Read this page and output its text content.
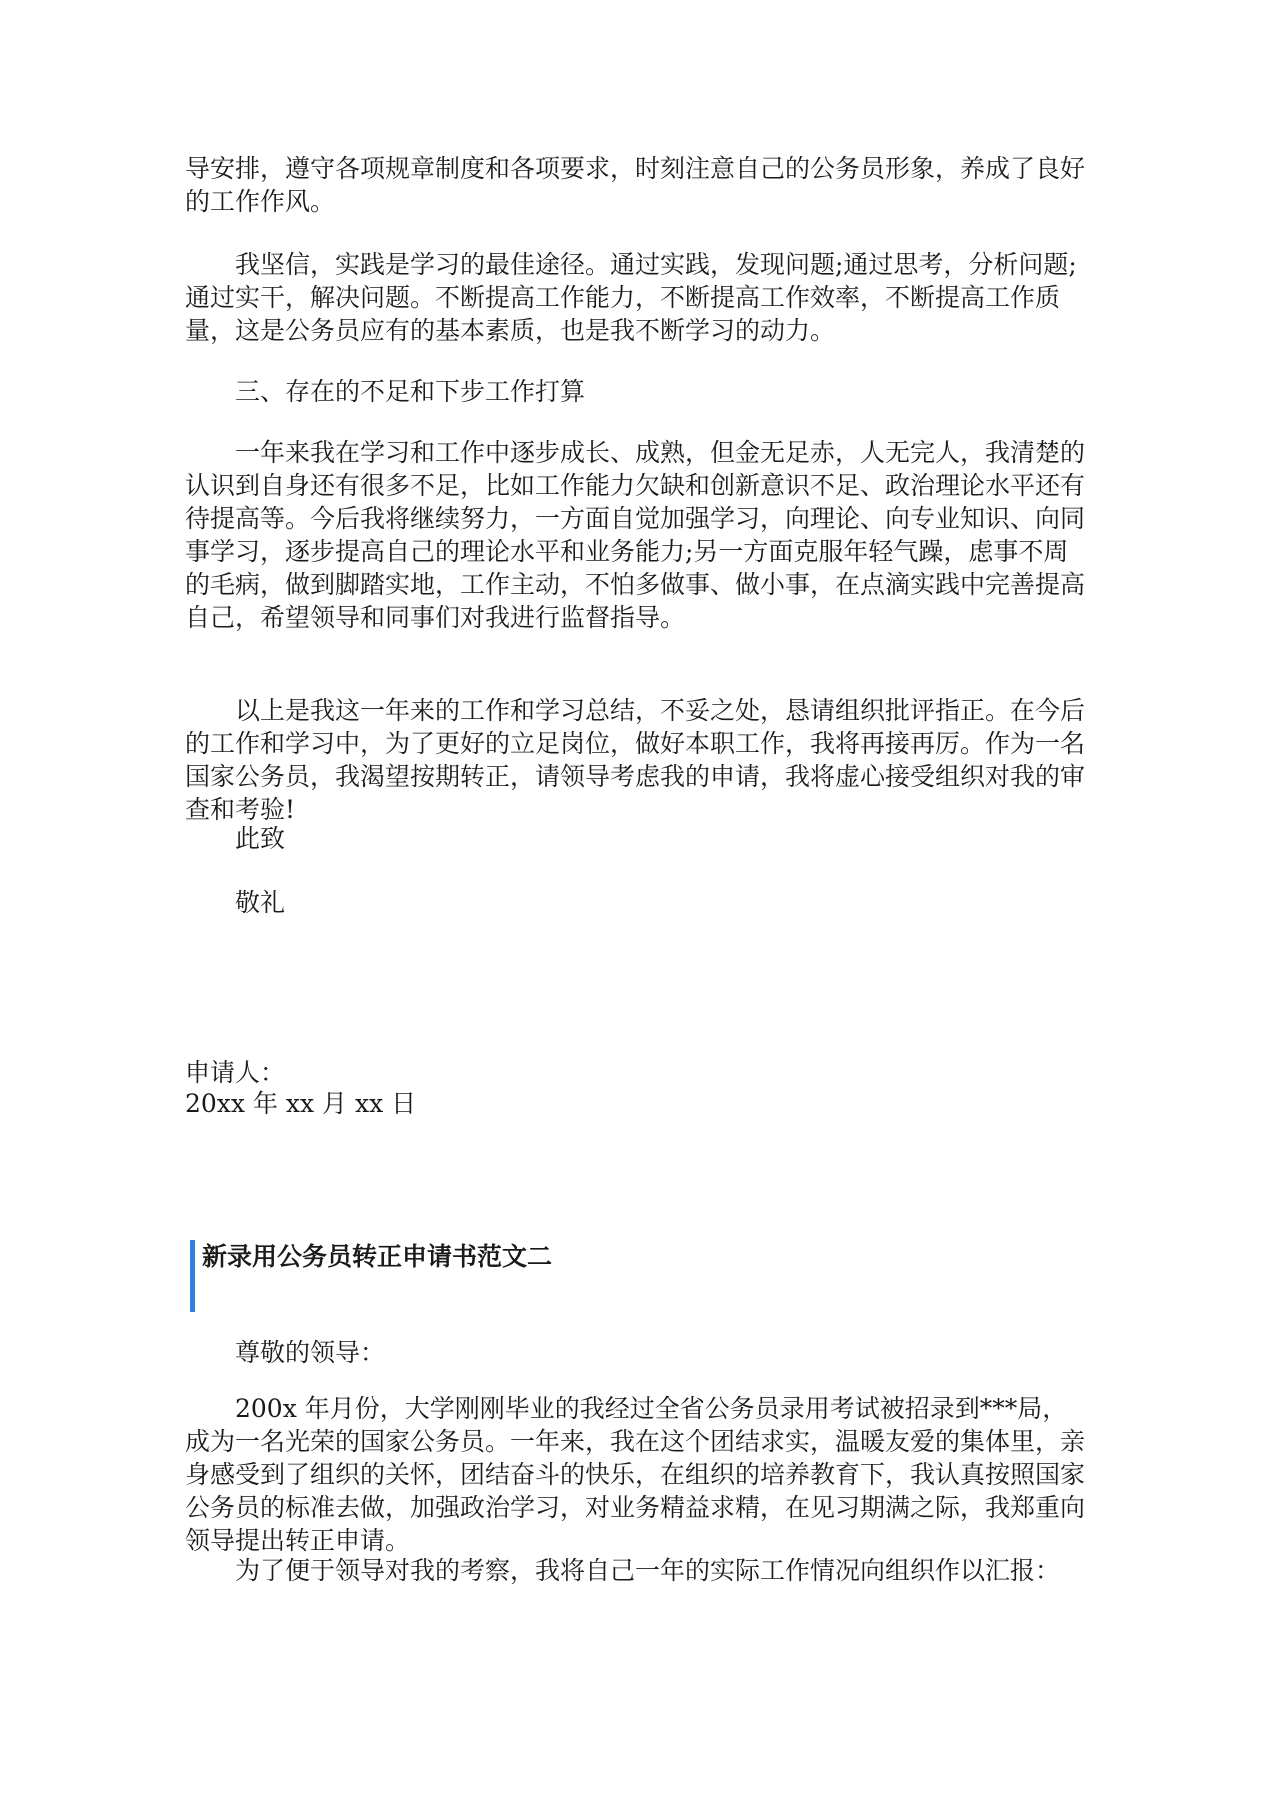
导安排，遵守各项规章制度和各项要求，时刻注意自己的公务员形象，养成了良好的工作作风。

我坚信，实践是学习的最佳途径。通过实践，发现问题;通过思考，分析问题;通过实干，解决问题。不断提高工作能力，不断提高工作效率，不断提高工作质量，这是公务员应有的基本素质，也是我不断学习的动力。

三、存在的不足和下步工作打算

一年来我在学习和工作中逐步成长、成熟，但金无足赤，人无完人，我清楚的认识到自身还有很多不足，比如工作能力欠缺和创新意识不足、政治理论水平还有待提高等。今后我将继续努力，一方面自觉加强学习，向理论、向专业知识、向同事学习，逐步提高自己的理论水平和业务能力;另一方面克服年轻气躁，虑事不周的毛病，做到脚踏实地，工作主动，不怕多做事、做小事，在点滴实践中完善提高自己，希望领导和同事们对我进行监督指导。

以上是我这一年来的工作和学习总结，不妥之处，恳请组织批评指正。在今后的工作和学习中，为了更好的立足岗位，做好本职工作，我将再接再厉。作为一名国家公务员，我渴望按期转正，请领导考虑我的申请，我将虚心接受组织对我的审查和考验!

此致

敬礼

申请人：
20xx 年 xx 月 xx 日
新录用公务员转正申请书范文二

尊敬的领导：

200x 年月份，大学刚刚毕业的我经过全省公务员录用考试被招录到***局，成为一名光荣的国家公务员。一年来，我在这个团结求实，温暖友爱的集体里，亲身感受到了组织的关怀，团结奋斗的快乐，在组织的培养教育下，我认真按照国家公务员的标准去做，加强政治学习，对业务精益求精，在见习期满之际，我郑重向领导提出转正申请。

为了便于领导对我的考察，我将自己一年的实际工作情况向组织作以汇报：
